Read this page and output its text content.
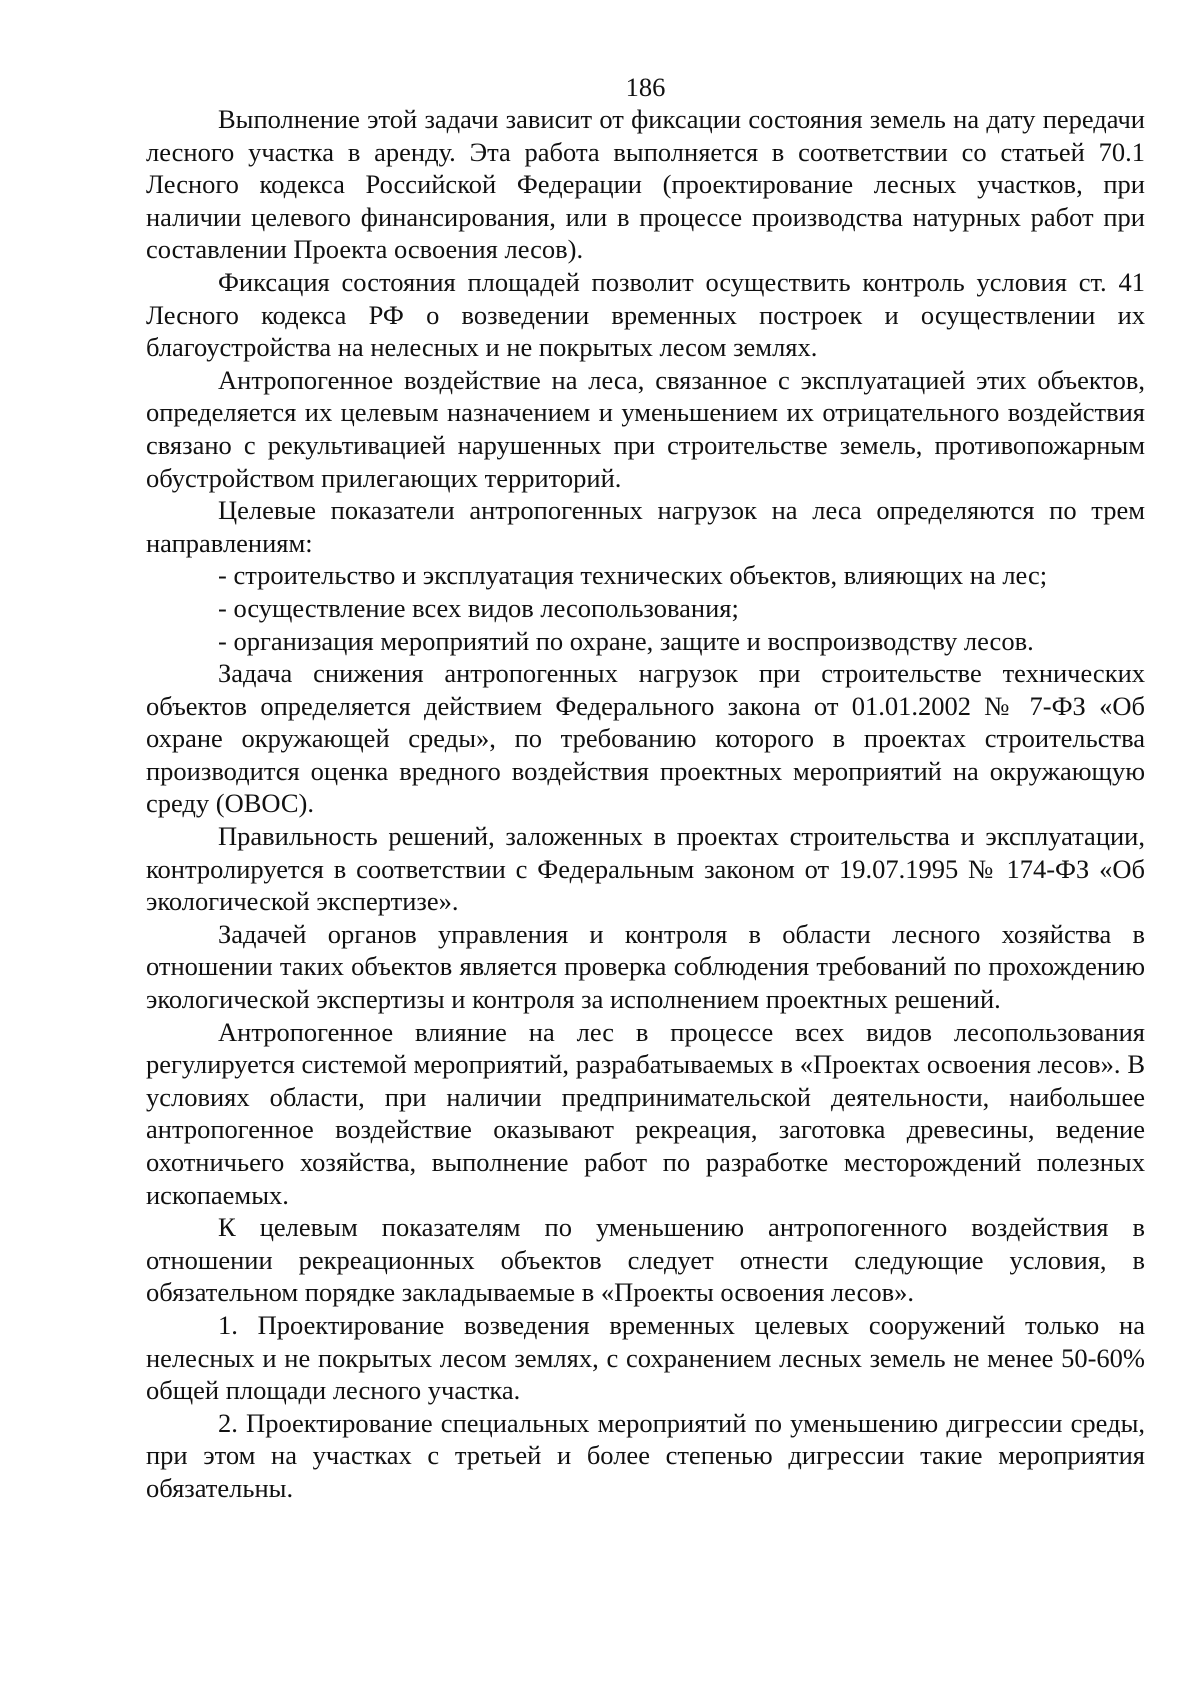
186

Выполнение этой задачи зависит от фиксации состояния земель на дату передачи лесного участка в аренду. Эта работа выполняется в соответствии со статьей 70.1 Лесного кодекса Российской Федерации (проектирование лесных участков, при наличии целевого финансирования, или в процессе производства натурных работ при составлении Проекта освоения лесов).

Фиксация состояния площадей позволит осуществить контроль условия ст. 41 Лесного кодекса РФ о возведении временных построек и осуществлении их благоустройства на нелесных и не покрытых лесом землях.

Антропогенное воздействие на леса, связанное с эксплуатацией этих объектов, определяется их целевым назначением и уменьшением их отрицательного воздействия связано с рекультивацией нарушенных при строительстве земель, противопожарным обустройством прилегающих территорий.

Целевые показатели антропогенных нагрузок на леса определяются по трем направлениям:

- строительство и эксплуатация технических объектов, влияющих на лес;

- осуществление всех видов лесопользования;

- организация мероприятий по охране, защите и воспроизводству лесов.

Задача снижения антропогенных нагрузок при строительстве технических объектов определяется действием Федерального закона от 01.01.2002 № 7-ФЗ «Об охране окружающей среды», по требованию которого в проектах строительства производится оценка вредного воздействия проектных мероприятий на окружающую среду (ОВОС).

Правильность решений, заложенных в проектах строительства и эксплуатации, контролируется в соответствии с Федеральным законом от 19.07.1995 № 174-ФЗ «Об экологической экспертизе».

Задачей органов управления и контроля в области лесного хозяйства в отношении таких объектов является проверка соблюдения требований по прохождению экологической экспертизы и контроля за исполнением проектных решений.

Антропогенное влияние на лес в процессе всех видов лесопользования регулируется системой мероприятий, разрабатываемых в «Проектах освоения лесов». В условиях области, при наличии предпринимательской деятельности, наибольшее антропогенное воздействие оказывают рекреация, заготовка древесины, ведение охотничьего хозяйства, выполнение работ по разработке месторождений полезных ископаемых.

К целевым показателям по уменьшению антропогенного воздействия в отношении рекреационных объектов следует отнести следующие условия, в обязательном порядке закладываемые в «Проекты освоения лесов».

1. Проектирование возведения временных целевых сооружений только на нелесных и не покрытых лесом землях, с сохранением лесных земель не менее 50-60% общей площади лесного участка.

2. Проектирование специальных мероприятий по уменьшению дигрессии среды, при этом на участках с третьей и более степенью дигрессии такие мероприятия обязательны.
